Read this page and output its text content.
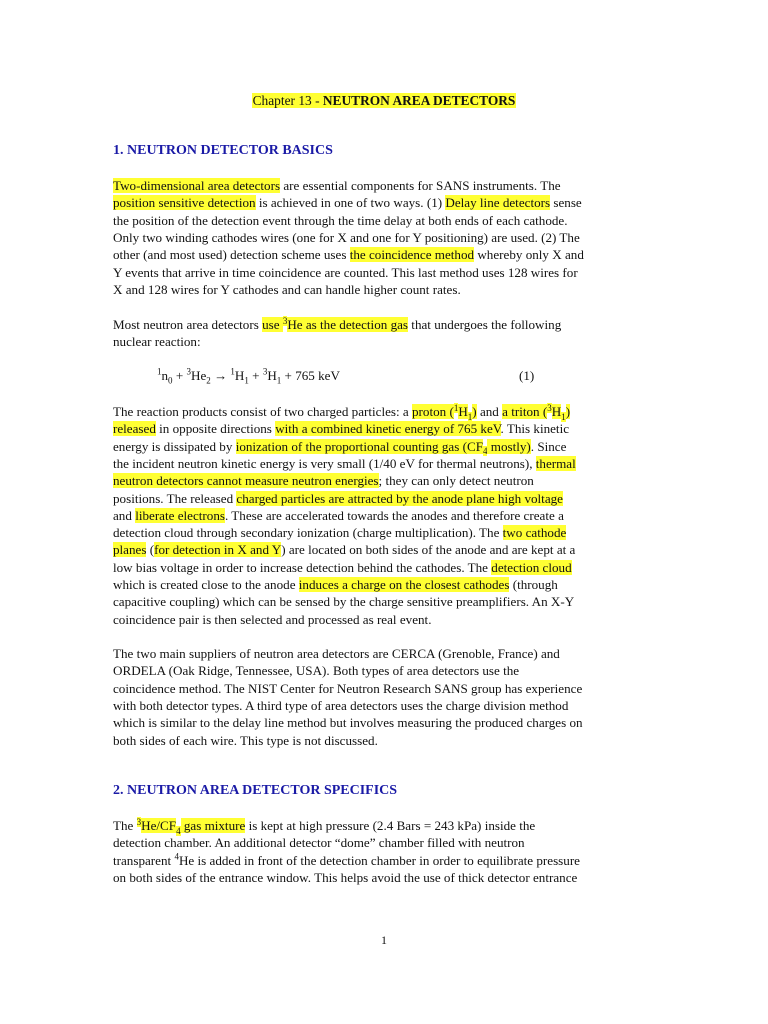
Chapter 13 - NEUTRON AREA DETECTORS
1. NEUTRON DETECTOR BASICS
Two-dimensional area detectors are essential components for SANS instruments. The
position sensitive detection is achieved in one of two ways. (1) Delay line detectors sense
the position of the detection event through the time delay at both ends of each cathode.
Only two winding cathodes wires (one for X and one for Y positioning) are used. (2) The
other (and most used) detection scheme uses the coincidence method whereby only X and
Y events that arrive in time coincidence are counted. This last method uses 128 wires for
X and 128 wires for Y cathodes and can handle higher count rates.
Most neutron area detectors use $^3$He as the detection gas that undergoes the following
nuclear reaction:
$^1n_0 + ^3He_2 \to ^1H_1 + ^3H_1 + 765$ keV	(1)
The reaction products consist of two charged particles: a proton $(^1H_1)$ and a triton $(^3H_1)$
released in opposite directions with a combined kinetic energy of 765 keV. This kinetic
energy is dissipated by ionization of the proportional counting gas ($CF_4$ mostly). Since
the incident neutron kinetic energy is very small (1/40 eV for thermal neutrons), thermal
neutron detectors cannot measure neutron energies; they can only detect neutron
positions. The released charged particles are attracted by the anode plane high voltage
and liberate electrons. These are accelerated towards the anodes and therefore create a
detection cloud through secondary ionization (charge multiplication). The two cathode
planes (for detection in X and Y) are located on both sides of the anode and are kept at a
low bias voltage in order to increase detection behind the cathodes. The detection cloud
which is created close to the anode induces a charge on the closest cathodes (through
capacitive coupling) which can be sensed by the charge sensitive preamplifiers. An X-Y
coincidence pair is then selected and processed as real event.
The two main suppliers of neutron area detectors are CERCA (Grenoble, France) and
ORDELA (Oak Ridge, Tennessee, USA). Both types of area detectors use the
coincidence method. The NIST Center for Neutron Research SANS group has experience
with both detector types. A third type of area detectors uses the charge division method
which is similar to the delay line method but involves measuring the produced charges on
both sides of each wire. This type is not discussed.
2. NEUTRON AREA DETECTOR SPECIFICS
The $^3He/CF_4$ gas mixture is kept at high pressure (2.4 Bars = 243 kPa) inside the
detection chamber. An additional detector “dome” chamber filled with neutron
transparent $^4$He is added in front of the detection chamber in order to equilibrate pressure
on both sides of the entrance window. This helps avoid the use of thick detector entrance
1
